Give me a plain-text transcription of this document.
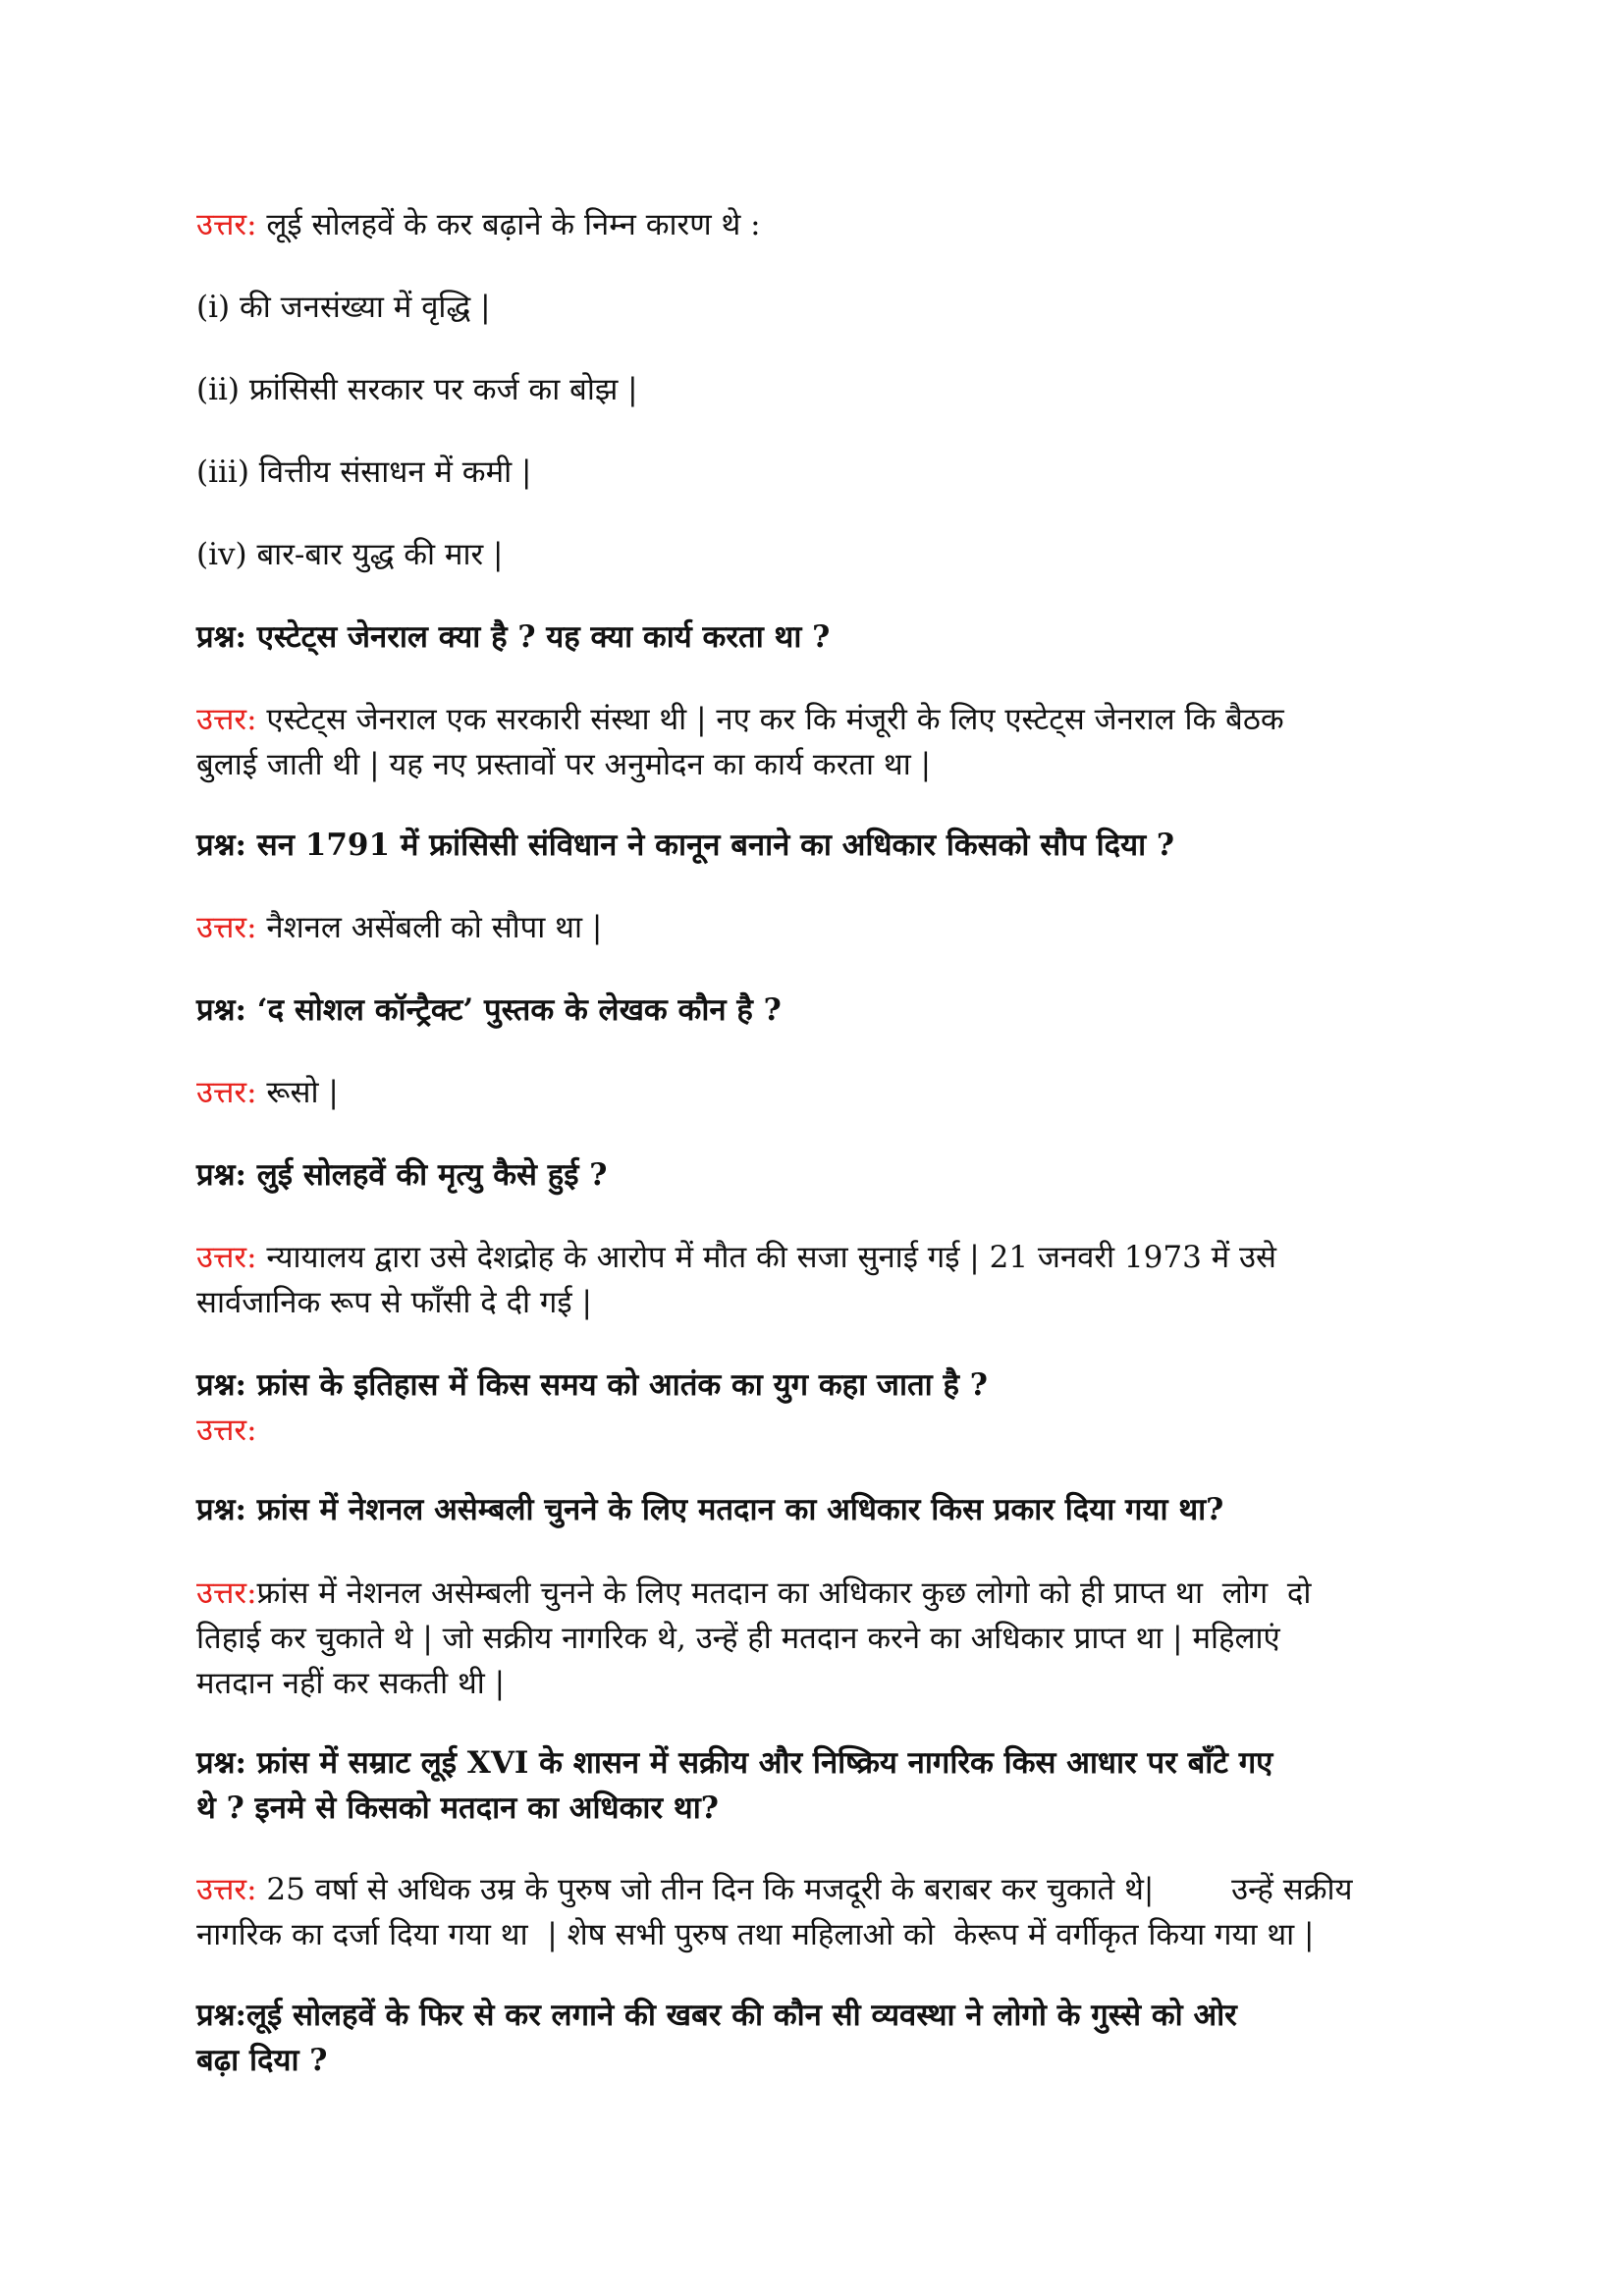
उत्तर: लूई सोलहवें के कर बढ़ाने के निम्न कारण थे :
(i) की जनसंख्या में वृद्धि |
(ii) फ्रांसिसी सरकार पर कर्ज का बोझ |
(iii) वित्तीय संसाधन में कमी |
(iv) बार-बार युद्ध की मार |
प्रश्न: एस्टेट्स जेनराल क्या है ? यह क्या कार्य करता था ?
उत्तर: एस्टेट्स जेनराल एक सरकारी संस्था थी | नए कर कि मंजूरी के लिए एस्टेट्स जेनराल कि बैठक
बुलाई जाती थी | यह नए प्रस्तावों पर अनुमोदन का कार्य करता था |
प्रश्न: सन 1791 में फ्रांसिसी संविधान ने कानून बनाने का अधिकार किसको सौप दिया ?
उत्तर: नैशनल असेंबली को सौपा था |
प्रश्न: ‘द सोशल कॉन्ट्रैक्ट’ पुस्तक के लेखक कौन है ?
उत्तर: रूसो |
प्रश्न: लुई सोलहवें की मृत्यु कैसे हुई ?
उत्तर: न्यायालय द्वारा उसे देशद्रोह के आरोप में मौत की सजा सुनाई गई | 21 जनवरी 1973 में उसे
सार्वजानिक रूप से फाँसी दे दी गई |
प्रश्न: फ्रांस के इतिहास में किस समय को आतंक का युग कहा जाता है ?
उत्तर:
प्रश्न: फ्रांस में नेशनल असेम्बली चुनने के लिए मतदान का अधिकार किस प्रकार दिया गया था?
उत्तर:फ्रांस में नेशनल असेम्बली चुनने के लिए मतदान का अधिकार कुछ लोगो को ही प्राप्त था  लोग  दो
तिहाई कर चुकाते थे | जो सक्रीय नागरिक थे, उन्हें ही मतदान करने का अधिकार प्राप्त था | महिलाएं
मतदान नहीं कर सकती थी |
प्रश्न: फ्रांस में सम्राट लूई XVI के शासन में सक्रीय और निष्क्रिय नागरिक किस आधार पर बाँटे गए
थे ? इनमे से किसको मतदान का अधिकार था?
उत्तर: 25 वर्षा से अधिक उम्र के पुरुष जो तीन दिन कि मजदूरी के बराबर कर चुकाते थे|        उन्हें सक्रीय
नागरिक का दर्जा दिया गया था  | शेष सभी पुरुष तथा महिलाओ को  केरूप में वर्गीकृत किया गया था |
प्रश्न:लूई सोलहवें के फिर से कर लगाने की खबर की कौन सी व्यवस्था ने लोगो के गुस्से को ओर
बढ़ा दिया ?
